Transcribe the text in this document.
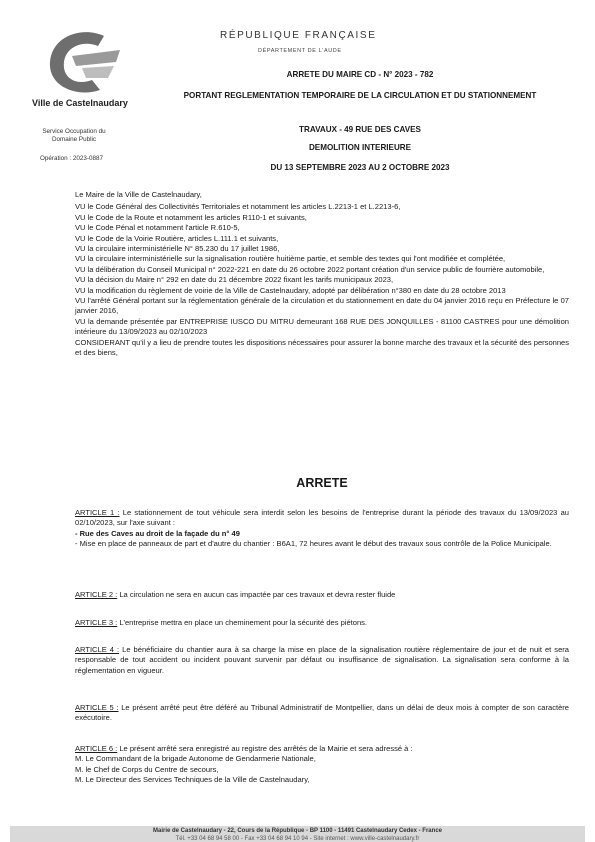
RÉPUBLIQUE FRANÇAISE
DÉPARTEMENT DE L'AUDE
Ville de Castelnaudary
Service Occupation du Domaine Public
Opération : 2023-0887
ARRETE DU MAIRE CD - N° 2023 - 782
PORTANT REGLEMENTATION TEMPORAIRE DE LA CIRCULATION ET DU STATIONNEMENT
TRAVAUX - 49 RUE DES CAVES
DEMOLITION INTERIEURE
DU 13 SEPTEMBRE 2023 AU 2 OCTOBRE 2023

Le Maire de la Ville de Castelnaudary,

VU le Code Général des Collectivités Territoriales et notamment les articles L.2213-1 et L.2213-6,

VU le Code de la Route et notamment les articles R110-1 et suivants,

VU le Code Pénal et notamment l'article R.610-5,

VU le Code de la Voirie Routière, articles L.111.1 et suivants,

VU la circulaire interministérielle N° 85.230 du 17 juillet 1986,

VU la circulaire interministérielle sur la signalisation routière huitième partie, et semble des textes qui l'ont modifiée et complétée,

VU la délibération du Conseil Municipal n° 2022-221 en date du 26 octobre 2022 portant création d'un service public de fourrière automobile,

VU la décision du Maire n° 292 en date du 21 décembre 2022 fixant les tarifs municipaux 2023,

VU la modification du règlement de voirie de la Ville de Castelnaudary, adopté par délibération n°380 en date du 28 octobre 2013

VU l'arrêté Général portant sur la réglementation générale de la circulation et du stationnement en date du 04 janvier 2016 reçu en Préfecture le 07 janvier 2016,

VU la demande présentée par ENTREPRISE IUSCO DU MITRU demeurant 168 RUE DES JONQUILLES - 81100 CASTRES pour une démolition intérieure du 13/09/2023 au 02/10/2023

CONSIDERANT qu'il y a lieu de prendre toutes les dispositions nécessaires pour assurer la bonne marche des travaux et la sécurité des personnes et des biens,

ARRETE

ARTICLE 1 : Le stationnement de tout véhicule sera interdit selon les besoins de l'entreprise durant la période des travaux du 13/09/2023 au 02/10/2023, sur l'axe suivant :

- Rue des Caves au droit de la façade du n° 49

- Mise en place de panneaux de part et d'autre du chantier : B6A1, 72 heures avant le début des travaux sous contrôle de la Police Municipale.

ARTICLE 2 : La circulation ne sera en aucun cas impactée par ces travaux et devra rester fluide

ARTICLE 3 : L'entreprise mettra en place un cheminement pour la sécurité des piétons.

ARTICLE 4 : Le bénéficiaire du chantier aura à sa charge la mise en place de la signalisation routière réglementaire de jour et de nuit et sera responsable de tout accident ou incident pouvant survenir par défaut ou insuffisance de signalisation. La signalisation sera conforme à la réglementation en vigueur.

ARTICLE 5 : Le présent arrêté peut être déféré au Tribunal Administratif de Montpellier, dans un délai de deux mois à compter de son caractère exécutoire.

ARTICLE 6 : Le présent arrêté sera enregistré au registre des arrêtés de la Mairie et sera adressé à :

M. Le Commandant de la brigade Autonome de Gendarmerie Nationale,

M. le Chef de Corps du Centre de secours,

M. Le Directeur des Services Techniques de la Ville de Castelnaudary,

Mairie de Castelnaudary - 22, Cours de la République - BP 1100 - 11491 Castelnaudary Cedex - France
Tél. +33 04 68 94 58 00 - Fax +33 04 68 94 10 94 - Site internet : www.ville-castelnaudary.fr
